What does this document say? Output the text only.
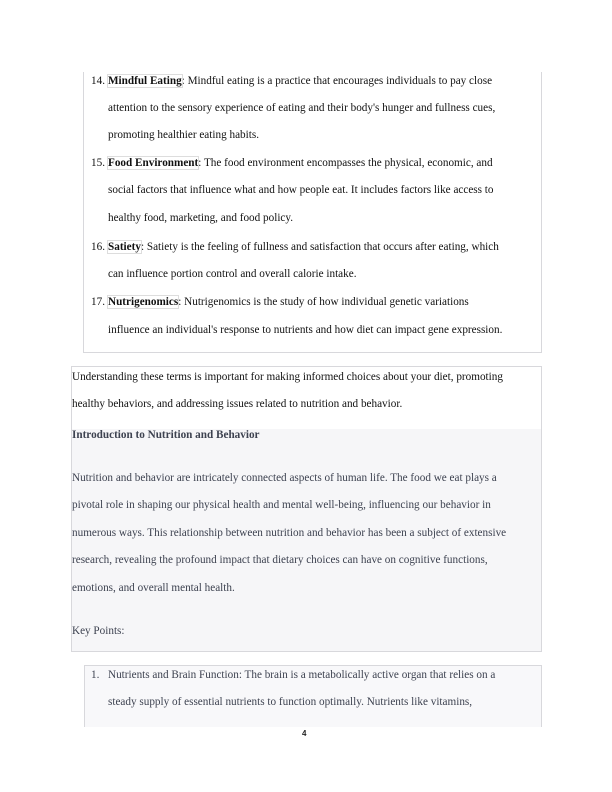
14. Mindful Eating: Mindful eating is a practice that encourages individuals to pay close
attention to the sensory experience of eating and their body's hunger and fullness cues,
promoting healthier eating habits.
15. Food Environment: The food environment encompasses the physical, economic, and
social factors that influence what and how people eat. It includes factors like access to
healthy food, marketing, and food policy.
16. Satiety: Satiety is the feeling of fullness and satisfaction that occurs after eating, which
can influence portion control and overall calorie intake.
17. Nutrigenomics: Nutrigenomics is the study of how individual genetic variations
influence an individual's response to nutrients and how diet can impact gene expression.
Understanding these terms is important for making informed choices about your diet, promoting
healthy behaviors, and addressing issues related to nutrition and behavior.
Introduction to Nutrition and Behavior
Nutrition and behavior are intricately connected aspects of human life. The food we eat plays a
pivotal role in shaping our physical health and mental well-being, influencing our behavior in
numerous ways. This relationship between nutrition and behavior has been a subject of extensive
research, revealing the profound impact that dietary choices can have on cognitive functions,
emotions, and overall mental health.
Key Points:
1. Nutrients and Brain Function: The brain is a metabolically active organ that relies on a
steady supply of essential nutrients to function optimally. Nutrients like vitamins,
4
